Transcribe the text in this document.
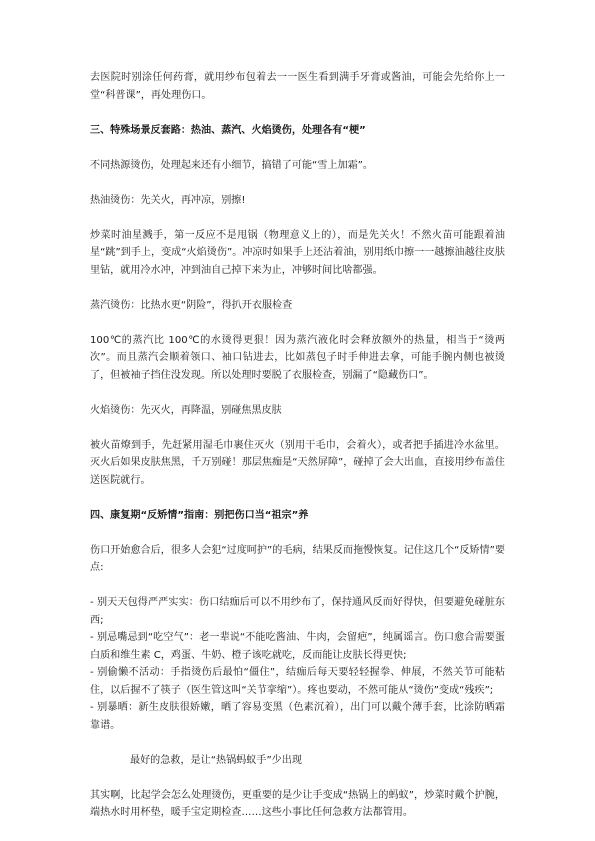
去医院时别涂任何药膏，就用纱布包着去一一医生看到满手牙膏或酱油，可能会先给你上一堂“科普课”，再处理伤口。

三、特殊场景反套路：热油、蒸汽、火焰烫伤，处理各有“梗”

不同热源烫伤，处理起来还有小细节，搞错了可能“雪上加霜”。

热油烫伤：先关火，再冲凉，别擦!

炒菜时油星溅手，第一反应不是甩锅（物理意义上的），而是先关火！不然火苗可能跟着油星“跳”到手上，变成“火焰烫伤”。冲凉时如果手上还沾着油，别用纸巾擦一一越擦油越往皮肤里钻，就用冷水冲，冲到油自己掉下来为止，冲够时间比啥都强。

蒸汽烫伤：比热水更“阴险”，得扒开衣服检查

100℃的蒸汽比 100℃的水烫得更狠！因为蒸汽液化时会释放额外的热量，相当于“烫两次”。而且蒸汽会顺着领口、袖口钻进去，比如蒸包子时手伸进去拿，可能手腕内侧也被烫了，但被袖子挡住没发现。所以处理时要脱了衣服检查，别漏了“隐藏伤口”。

火焰烫伤：先灭火，再降温，别碰焦黑皮肤

被火苗燎到手，先赶紧用湿毛巾裹住灭火（别用干毛巾，会着火），或者把手插进冷水盆里。灭火后如果皮肤焦黑，千万别碰！那层焦痂是“天然屏障”，碰掉了会大出血，直接用纱布盖住送医院就行。

四、康复期“反矫情”指南：别把伤口当“祖宗”养

伤口开始愈合后，很多人会犯“过度呵护”的毛病，结果反而拖慢恢复。记住这几个“反矫情”要点:

- 别天天包得严严实实：伤口结痂后可以不用纱布了，保持通风反而好得快，但要避免碰脏东西;
- 别忌嘴忌到“吃空气”：老一辈说“不能吃酱油、牛肉，会留疤”，纯属谣言。伤口愈合需要蛋白质和维生素 C，鸡蛋、牛奶、橙子该吃就吃，反而能让皮肤长得更快;
- 别偷懒不活动：手指烫伤后最怕“僵住”，结痂后每天要轻轻握拳、伸展，不然关节可能粘住，以后握不了筷子（医生管这叫“关节挛缩”）。疼也要动，不然可能从“烫伤”变成“残疾”;
- 别暴晒：新生皮肤很娇嫩，晒了容易变黑（色素沉着），出门可以戴个薄手套，比涂防晒霜靠谱。

最好的急救，是让“热锅蚂蚁手”少出现

其实啊，比起学会怎么处理烫伤，更重要的是少让手变成“热锅上的蚂蚁”，炒菜时戴个护腕，端热水时用杯垫，暖手宝定期检查……这些小事比任何急救方法都管用。
